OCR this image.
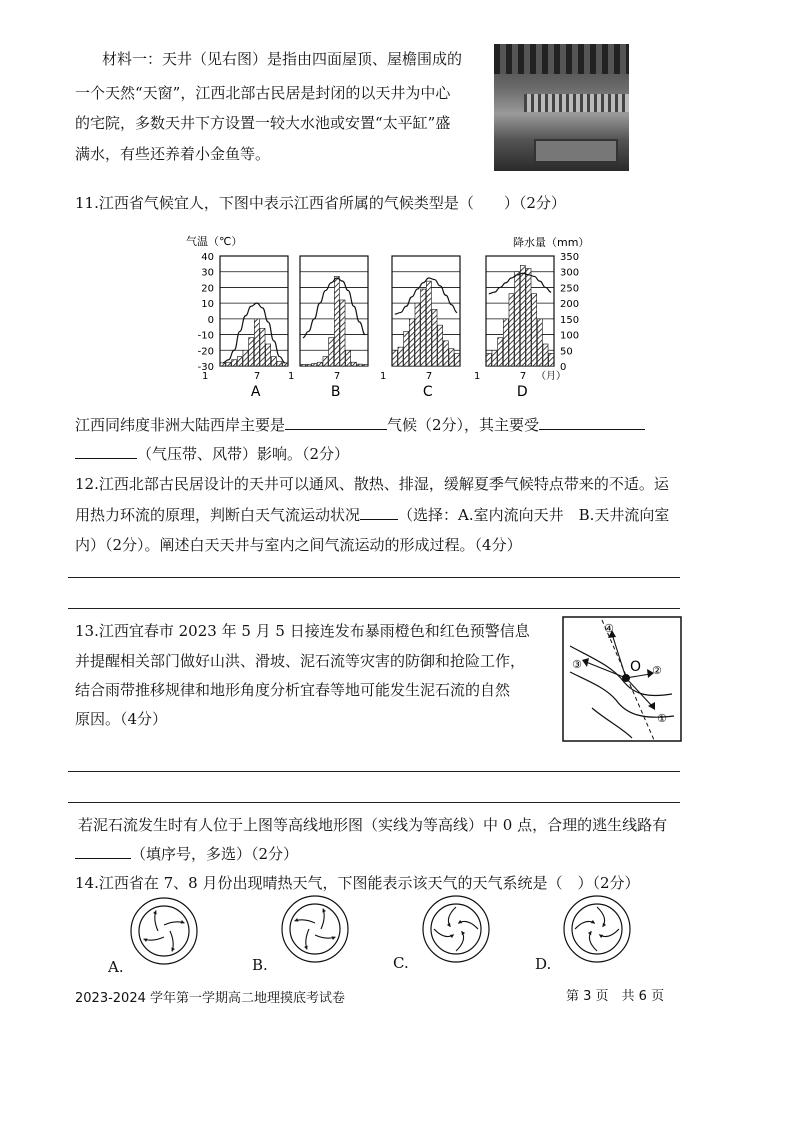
材料一：天井（见右图）是指由四面屋顶、屋檐围成的
一个天然“天窗”，江西北部古民居是封闭的以天井为中心
的宅院，多数天井下方设置一较大水池或安置“太平缸”盛
满水，有些还养着小金鱼等。
11.江西省气候宜人，下图中表示江西省所属的气候类型是（　　）（2分）
气温（℃）	降水量（mm）
40
30
20
10
0
-10
-20
-30
350
300
250
200
150
100
50
0
1	7
A
1	7
B
1	7
C
1	7
D
（月）
江西同纬度非洲大陆西岸主要是	气候（2分），其主要受
（气压带、风带）影响。（2分）
12.江西北部古民居设计的天井可以通风、散热、排湿，缓解夏季气候特点带来的不适。运
用热力环流的原理，判断白天气流运动状况	（选择：A.室内流向天井　B.天井流向室
内）（2分）。阐述白天天井与室内之间气流运动的形成过程。（4分）
13.江西宜春市 2023 年 5 月 5 日接连发布暴雨橙色和红色预警信息
并提醒相关部门做好山洪、滑坡、泥石流等灾害的防御和抢险工作，
结合雨带推移规律和地形角度分析宜春等地可能发生泥石流的自然
原因。（4分）
O
④
②
③
①
若泥石流发生时有人位于上图等高线地形图（实线为等高线）中 0 点，合理的逃生线路有
（填序号，多选）（2分）
14.江西省在 7、8 月份出现晴热天气，下图能表示该天气的天气系统是（　）（2分）
A.	B.	C.	D.
2023-2024 学年第一学期高二地理摸底考试卷	第 3 页　共 6 页
